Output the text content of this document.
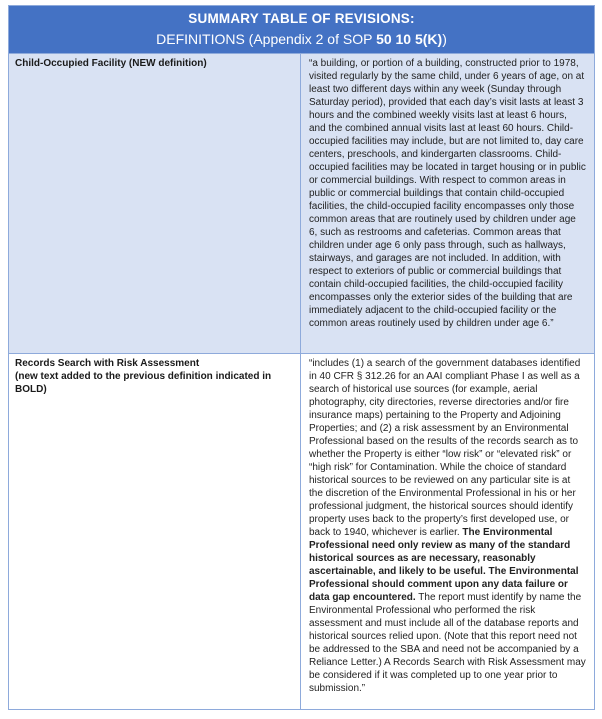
SUMMARY TABLE OF REVISIONS:
DEFINITIONS (Appendix 2 of SOP 50 10 5(K))	

Child-Occupied Facility (NEW definition)	“a building, or portion of a building, constructed prior to 1978, visited regularly by the same child, under 6 years of age, on at least two different days within any week (Sunday through Saturday period), provided that each day’s visit lasts at least 3 hours and the combined weekly visits last at least 6 hours, and the combined annual visits last at least 60 hours. Child-occupied facilities may include, but are not limited to, day care centers, preschools, and kindergarten classrooms. Child-occupied facilities may be located in target housing or in public or commercial buildings. With respect to common areas in public or commercial buildings that contain child-occupied facilities, the child-occupied facility encompasses only those common areas that are routinely used by children under age 6, such as restrooms and cafeterias. Common areas that children under age 6 only pass through, such as hallways, stairways, and garages are not included. In addition, with respect to exteriors of public or commercial buildings that contain child-occupied facilities, the child-occupied facility encompasses only the exterior sides of the building that are immediately adjacent to the child-occupied facility or the common areas routinely used by children under age 6.”

Records Search with Risk Assessment
(new text added to the previous definition indicated in BOLD)	“includes (1) a search of the government databases identified in 40 CFR § 312.26 for an AAI compliant Phase I as well as a search of historical use sources (for example, aerial photography, city directories, reverse directories and/or fire insurance maps) pertaining to the Property and Adjoining Properties; and (2) a risk assessment by an Environmental Professional based on the results of the records search as to whether the Property is either “low risk” or “elevated risk” or “high risk” for Contamination. While the choice of standard historical sources to be reviewed on any particular site is at the discretion of the Environmental Professional in his or her professional judgment, the historical sources should identify property uses back to the property’s first developed use, or back to 1940, whichever is earlier. The Environmental Professional need only review as many of the standard historical sources as are necessary, reasonably ascertainable, and likely to be useful. The Environmental Professional should comment upon any data failure or data gap encountered. The report must identify by name the Environmental Professional who performed the risk assessment and must include all of the database reports and historical sources relied upon. (Note that this report need not be addressed to the SBA and need not be accompanied by a Reliance Letter.) A Records Search with Risk Assessment may be considered if it was completed up to one year prior to submission.”
